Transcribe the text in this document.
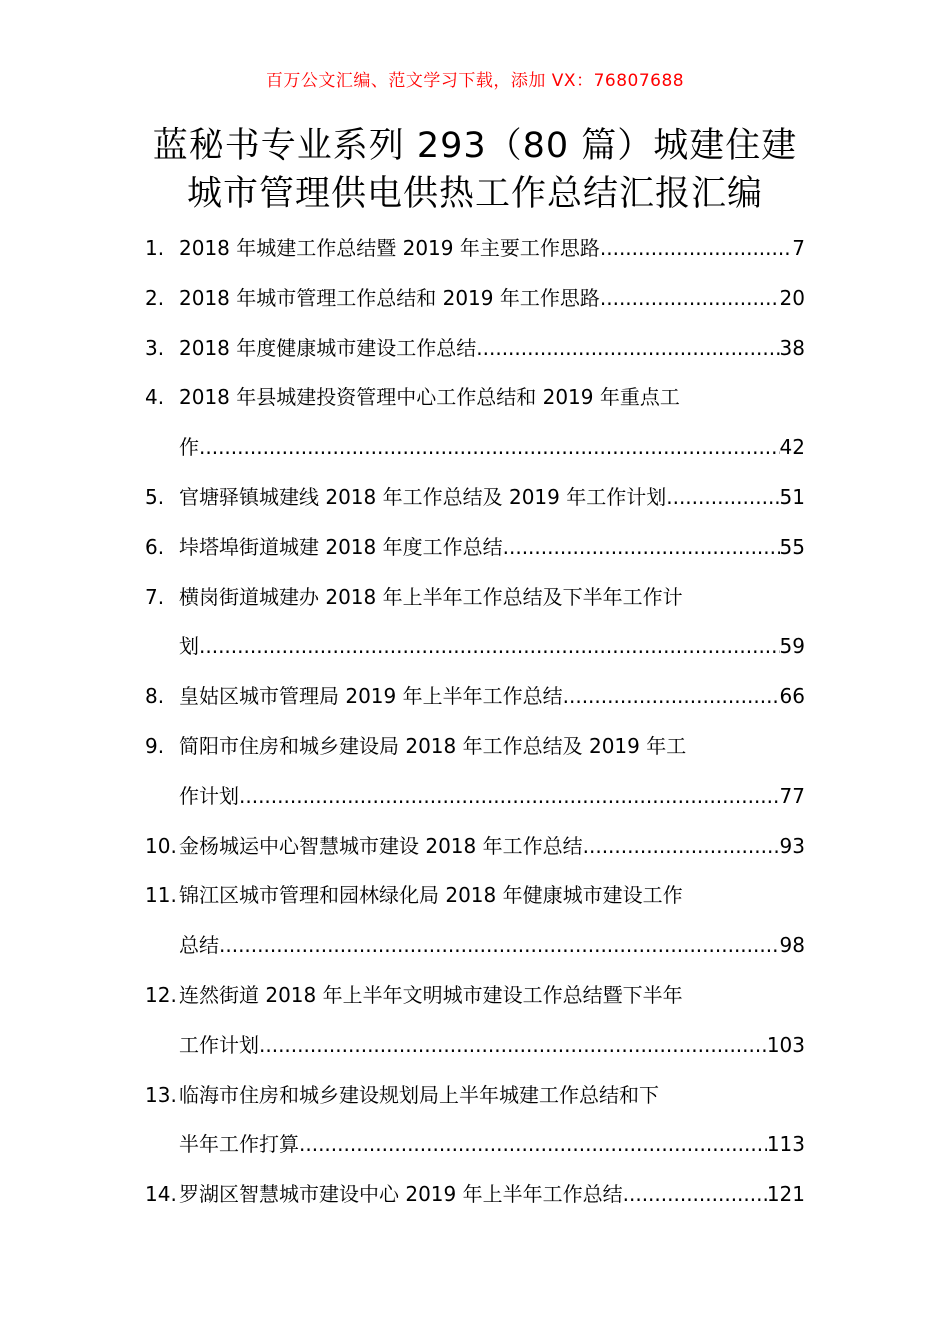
百万公文汇编、范文学习下载，添加 VX：76807688
蓝秘书专业系列 293（80 篇）城建住建
城市管理供电供热工作总结汇报汇编
1. 2018 年城建工作总结暨 2019 年主要工作思路 .....	7
2. 2018 年城市管理工作总结和 2019 年工作思路 .....	20
3. 2018 年度健康城市建设工作总结 .....	38
4. 2018 年县城建投资管理中心工作总结和 2019 年重点工
作 .....	42
5. 官塘驿镇城建线 2018 年工作总结及 2019 年工作计划 .....	51
6. 垰塔埠街道城建 2018 年度工作总结 .....	55
7. 横岗街道城建办 2018 年上半年工作总结及下半年工作计
划 .....	59
8. 皇姑区城市管理局 2019 年上半年工作总结 .....	66
9. 简阳市住房和城乡建设局 2018 年工作总结及 2019 年工
作计划 .....	77
10. 金杨城运中心智慧城市建设 2018 年工作总结 .....	93
11. 锦江区城市管理和园林绿化局 2018 年健康城市建设工作
总结 .....	98
12. 连然街道 2018 年上半年文明城市建设工作总结暨下半年
工作计划 .....	103
13. 临海市住房和城乡建设规划局上半年城建工作总结和下
半年工作打算 .....	113
14. 罗湖区智慧城市建设中心 2019 年上半年工作总结 .....	121
